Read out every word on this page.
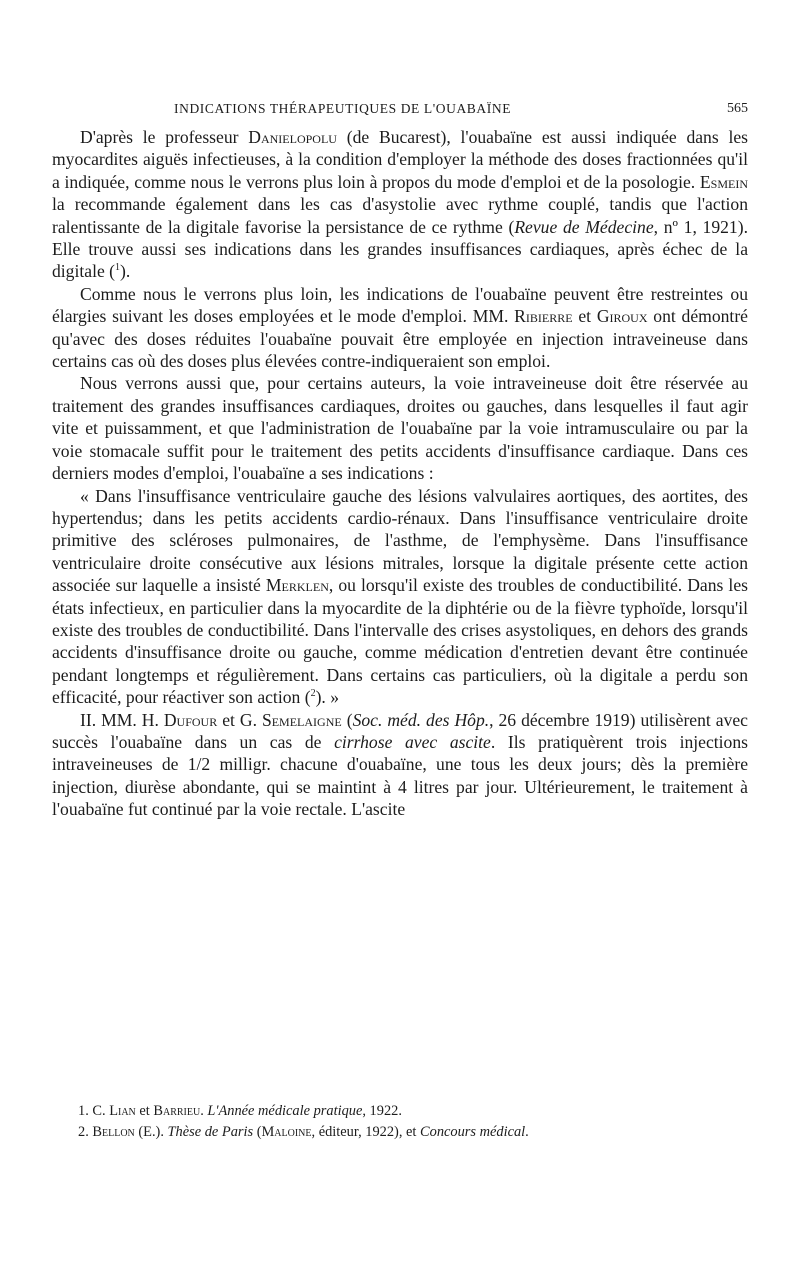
INDICATIONS THÉRAPEUTIQUES DE L'OUABAÏNE	565

D'après le professeur Danielopolu (de Bucarest), l'ouabaïne est aussi indiquée dans les myocardites aiguës infectieuses, à la condition d'employer la méthode des doses fractionnées qu'il a indiquée, comme nous le verrons plus loin à propos du mode d'emploi et de la posologie. Esmein la recommande également dans les cas d'asystolie avec rythme couplé, tandis que l'action ralentissante de la digitale favorise la persistance de ce rythme (Revue de Médecine, nº 1, 1921). Elle trouve aussi ses indications dans les grandes insuffisances cardiaques, après échec de la digitale ($^1$).

Comme nous le verrons plus loin, les indications de l'ouabaïne peuvent être restreintes ou élargies suivant les doses employées et le mode d'emploi. MM. Ribierre et Giroux ont démontré qu'avec des doses réduites l'ouabaïne pouvait être employée en injection intraveineuse dans certains cas où des doses plus élevées contre-indiqueraient son emploi.

Nous verrons aussi que, pour certains auteurs, la voie intraveineuse doit être réservée au traitement des grandes insuffisances cardiaques, droites ou gauches, dans lesquelles il faut agir vite et puissamment, et que l'administration de l'ouabaïne par la voie intramusculaire ou par la voie stomacale suffit pour le traitement des petits accidents d'insuffisance cardiaque. Dans ces derniers modes d'emploi, l'ouabaïne a ses indications :

« Dans l'insuffisance ventriculaire gauche des lésions valvulaires aortiques, des aortites, des hypertendus; dans les petits accidents cardio-rénaux. Dans l'insuffisance ventriculaire droite primitive des scléroses pulmonaires, de l'asthme, de l'emphysème. Dans l'insuffisance ventriculaire droite consécutive aux lésions mitrales, lorsque la digitale présente cette action associée sur laquelle a insisté Merklen, ou lorsqu'il existe des troubles de conductibilité. Dans les états infectieux, en particulier dans la myocardite de la diphtérie ou de la fièvre typhoïde, lorsqu'il existe des troubles de conductibilité. Dans l'intervalle des crises asystoliques, en dehors des grands accidents d'insuffisance droite ou gauche, comme médication d'entretien devant être continuée pendant longtemps et régulièrement. Dans certains cas particuliers, où la digitale a perdu son efficacité, pour réactiver son action ($^2$). »

II. MM. H. Dufour et G. Semelaigne (Soc. méd. des Hôp., 26 décembre 1919) utilisèrent avec succès l'ouabaïne dans un cas de cirrhose avec ascite. Ils pratiquèrent trois injections intraveineuses de 1/2 milligr. chacune d'ouabaïne, une tous les deux jours; dès la première injection, diurèse abondante, qui se maintint à 4 litres par jour. Ultérieurement, le traitement à l'ouabaïne fut continué par la voie rectale. L'ascite

1. C. Lian et Barrieu. L'Année médicale pratique, 1922.

2. Bellon (E.). Thèse de Paris (Maloine, éditeur, 1922), et Concours médical.
